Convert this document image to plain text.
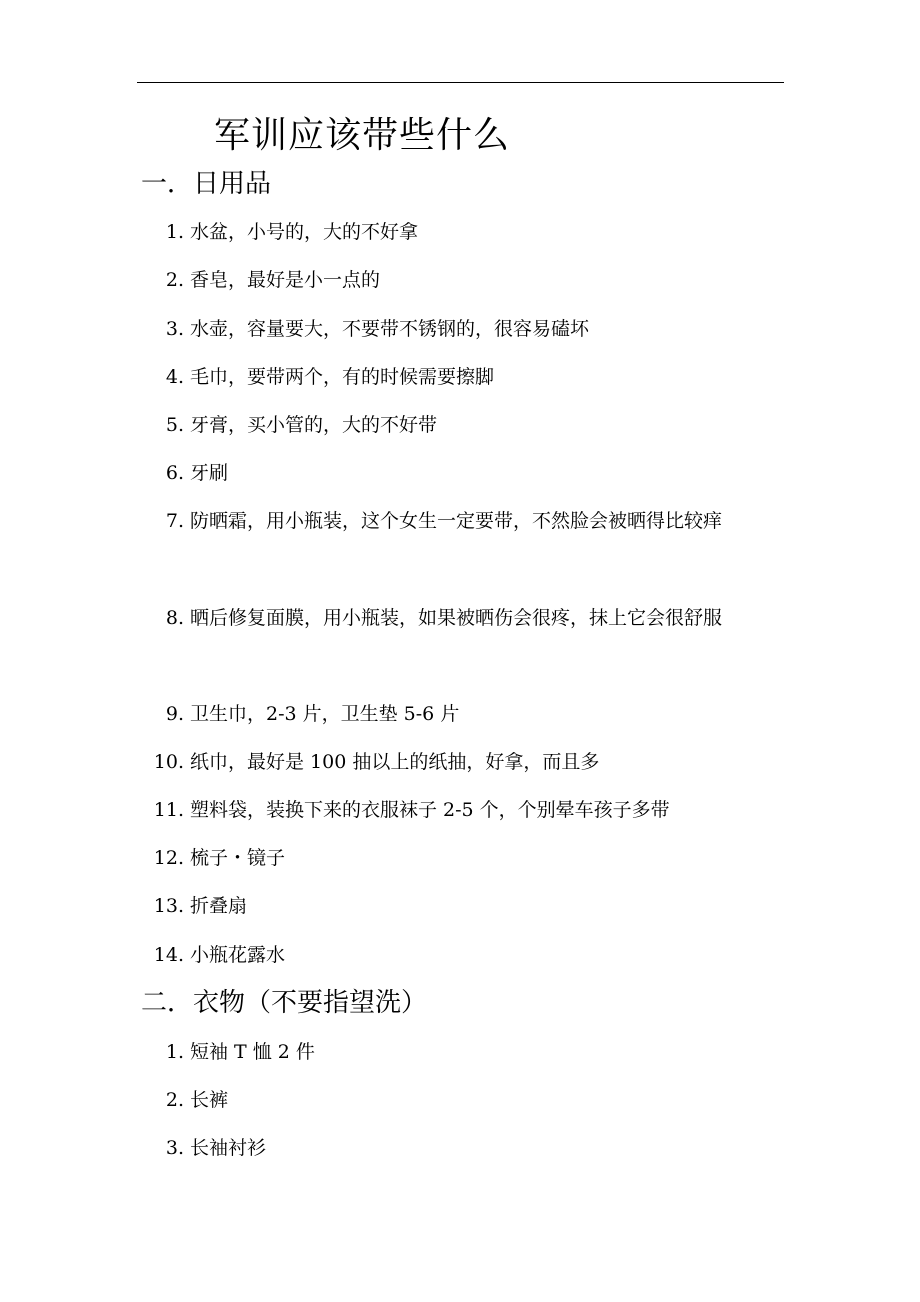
军训应该带些什么
一．日用品
1. 水盆，小号的，大的不好拿
2. 香皂，最好是小一点的
3. 水壶，容量要大，不要带不锈钢的，很容易磕坏
4. 毛巾，要带两个，有的时候需要擦脚
5. 牙膏，买小管的，大的不好带
6. 牙刷
7. 防晒霜，用小瓶装，这个女生一定要带，不然脸会被晒得比较痒
8. 晒后修复面膜，用小瓶装，如果被晒伤会很疼，抹上它会很舒服
9. 卫生巾，2-3 片，卫生垫 5-6 片
10. 纸巾，最好是 100 抽以上的纸抽，好拿，而且多
11. 塑料袋，装换下来的衣服袜子 2-5 个，个别晕车孩子多带
12. 梳子・镜子
13. 折叠扇
14. 小瓶花露水
二．衣物（不要指望洗）
1. 短袖 T 恤 2 件
2. 长裤
3. 长袖衬衫
